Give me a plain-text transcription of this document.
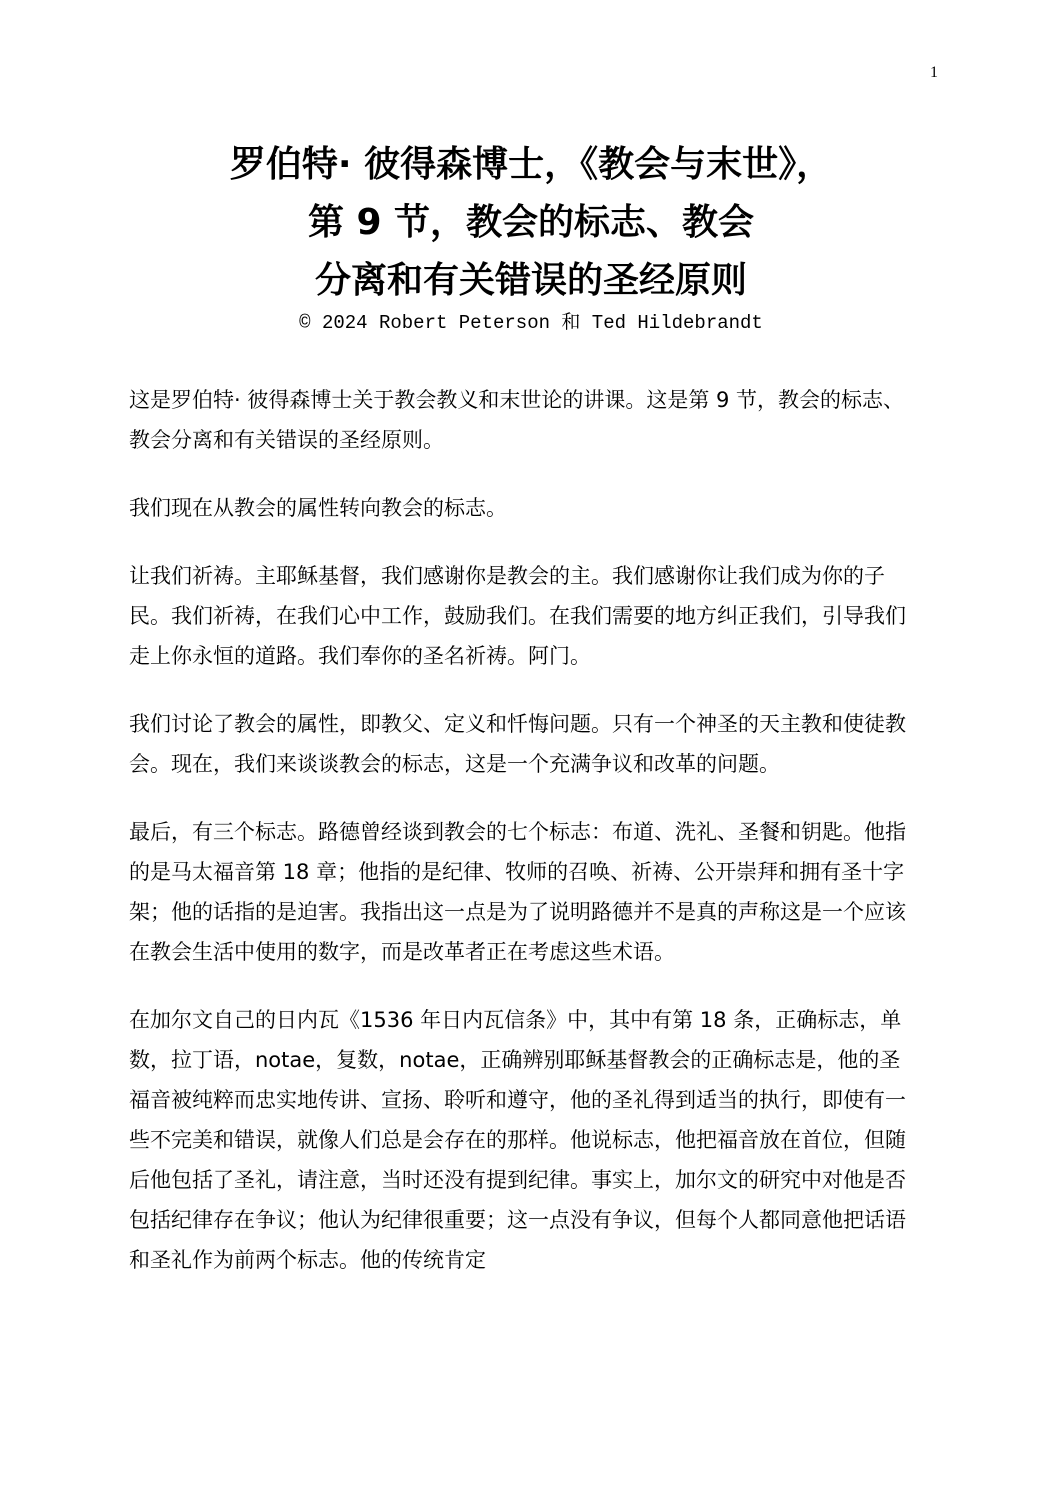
1
罗伯特· 彼得森博士，《教会与末世》，
第 9 节，教会的标志、教会
分离和有关错误的圣经原则
© 2024 Robert Peterson 和 Ted Hildebrandt

这是罗伯特· 彼得森博士关于教会教义和末世论的讲课。这是第 9 节，教会的标志、教会分离和有关错误的圣经原则。

我们现在从教会的属性转向教会的标志。

让我们祈祷。主耶稣基督，我们感谢你是教会的主。我们感谢你让我们成为你的子民。我们祈祷，在我们心中工作，鼓励我们。在我们需要的地方纠正我们，引导我们走上你永恒的道路。我们奉你的圣名祈祷。阿门。

我们讨论了教会的属性，即教父、定义和忏悔问题。只有一个神圣的天主教和使徒教会。现在，我们来谈谈教会的标志，这是一个充满争议和改革的问题。

最后，有三个标志。路德曾经谈到教会的七个标志：布道、洗礼、圣餐和钥匙。他指的是马太福音第 18 章；他指的是纪律、牧师的召唤、祈祷、公开崇拜和拥有圣十字架；他的话指的是迫害。我指出这一点是为了说明路德并不是真的声称这是一个应该在教会生活中使用的数字，而是改革者正在考虑这些术语。

在加尔文自己的日内瓦《1536 年日内瓦信条》中，其中有第 18 条，正确标志，单数，拉丁语，notae，复数，notae，正确辨别耶稣基督教会的正确标志是，他的圣福音被纯粹而忠实地传讲、宣扬、聆听和遵守，他的圣礼得到适当的执行，即使有一些不完美和错误，就像人们总是会存在的那样。他说标志，他把福音放在首位，但随后他包括了圣礼，请注意，当时还没有提到纪律。事实上，加尔文的研究中对他是否包括纪律存在争议；他认为纪律很重要；这一点没有争议，但每个人都同意他把话语和圣礼作为前两个标志。他的传统肯定
